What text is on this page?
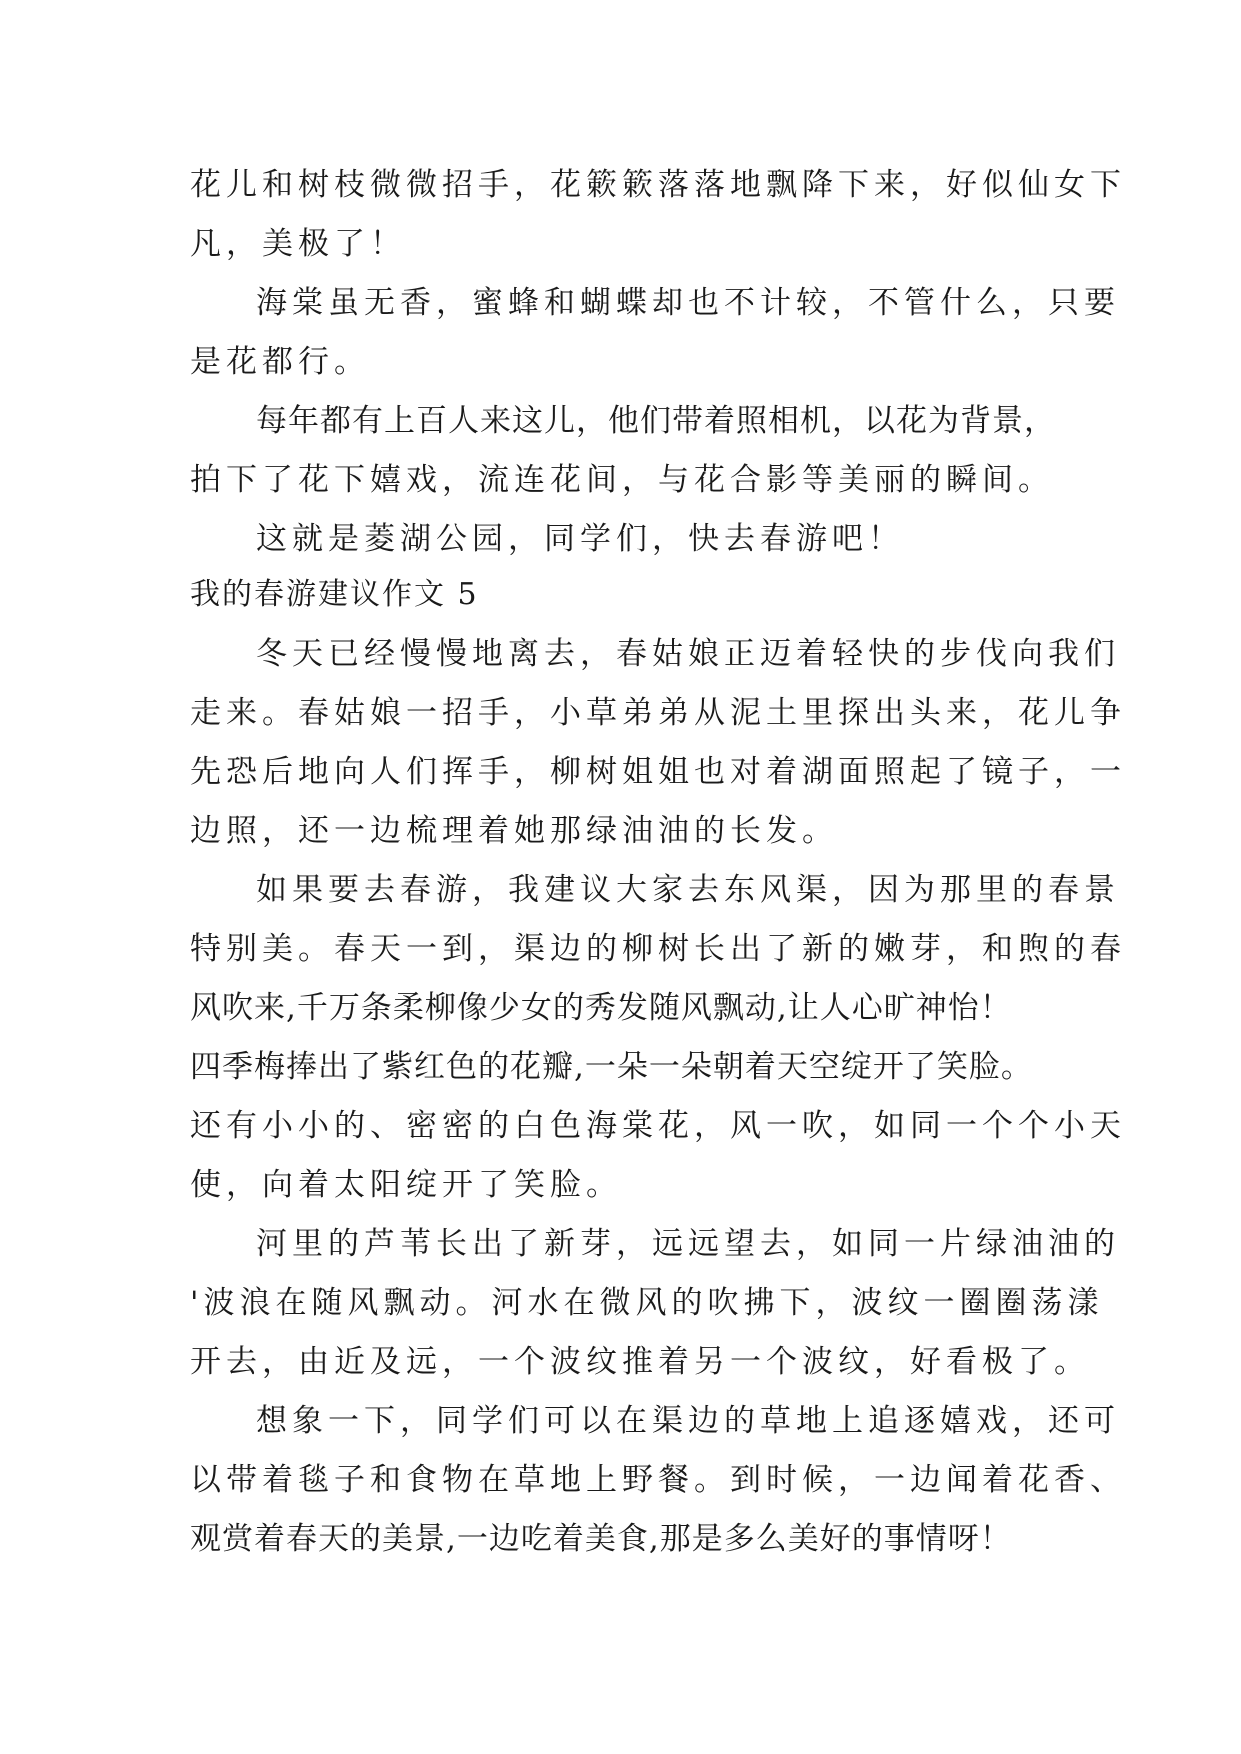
花儿和树枝微微招手，花簌簌落落地飘降下来，好似仙女下
凡，美极了！
海棠虽无香，蜜蜂和蝴蝶却也不计较，不管什么，只要
是花都行。
每年都有上百人来这儿，他们带着照相机，以花为背景，
拍下了花下嬉戏，流连花间，与花合影等美丽的瞬间。
这就是菱湖公园，同学们，快去春游吧！
我的春游建议作文 5
冬天已经慢慢地离去，春姑娘正迈着轻快的步伐向我们
走来。春姑娘一招手，小草弟弟从泥土里探出头来，花儿争
先恐后地向人们挥手，柳树姐姐也对着湖面照起了镜子，一
边照，还一边梳理着她那绿油油的长发。
如果要去春游，我建议大家去东风渠，因为那里的春景
特别美。春天一到，渠边的柳树长出了新的嫩芽，和煦的春
风吹来,千万条柔柳像少女的秀发随风飘动,让人心旷神怡！
四季梅捧出了紫红色的花瓣,一朵一朵朝着天空绽开了笑脸。
还有小小的、密密的白色海棠花，风一吹，如同一个个小天
使，向着太阳绽开了笑脸。
河里的芦苇长出了新芽，远远望去，如同一片绿油油的
'波浪在随风飘动。河水在微风的吹拂下，波纹一圈圈荡漾
开去，由近及远，一个波纹推着另一个波纹，好看极了。
想象一下，同学们可以在渠边的草地上追逐嬉戏，还可
以带着毯子和食物在草地上野餐。到时候，一边闻着花香、
观赏着春天的美景,一边吃着美食,那是多么美好的事情呀！
